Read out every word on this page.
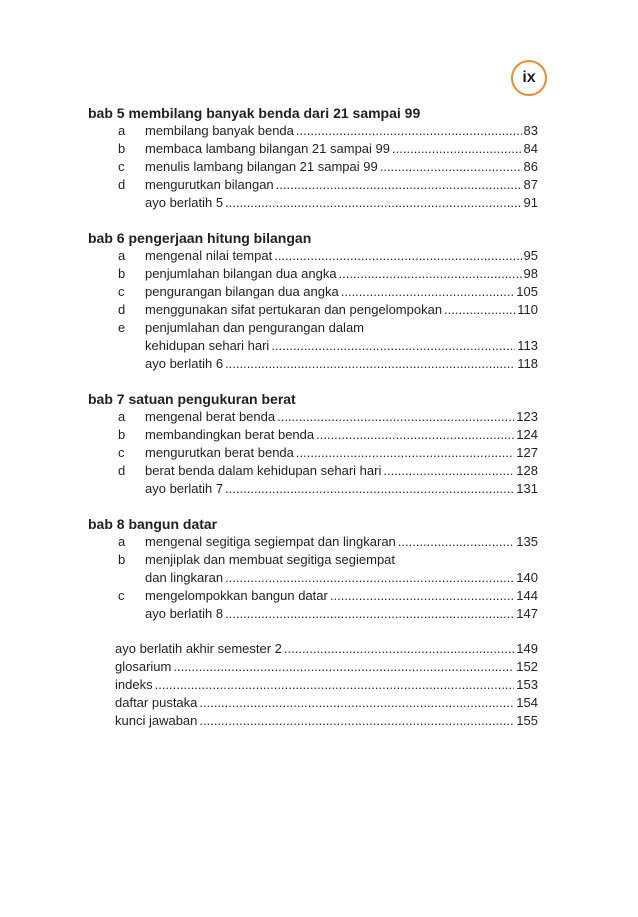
ix
bab 5 membilang banyak benda dari 21 sampai 99
a	membilang banyak benda .....	83
b	membaca lambang bilangan 21 sampai 99 .....	84
c	menulis lambang bilangan 21 sampai 99 .....	86
d	mengurutkan bilangan .....	87
ayo berlatih 5 .....	91
bab 6 pengerjaan hitung bilangan
a	mengenal nilai tempat .....	95
b	penjumlahan bilangan dua angka .....	98
c	pengurangan bilangan dua angka .....	105
d	menggunakan sifat pertukaran dan pengelompokan .....	110
e	penjumlahan dan pengurangan dalam
kehidupan sehari hari .....	113
ayo berlatih 6 .....	118
bab 7 satuan pengukuran berat
a	mengenal berat benda .....	123
b	membandingkan berat benda .....	124
c	mengurutkan berat benda .....	127
d	berat benda dalam kehidupan sehari hari .....	128
ayo berlatih 7 .....	131
bab 8 bangun datar
a	mengenal segitiga segiempat dan lingkaran .....	135
b	menjiplak dan membuat segitiga segiempat
dan lingkaran .....	140
c	mengelompokkan bangun datar .....	144
ayo berlatih 8 .....	147
ayo berlatih akhir semester 2 .....	149
glosarium .....	152
indeks .....	153
daftar pustaka .....	154
kunci jawaban .....	155
